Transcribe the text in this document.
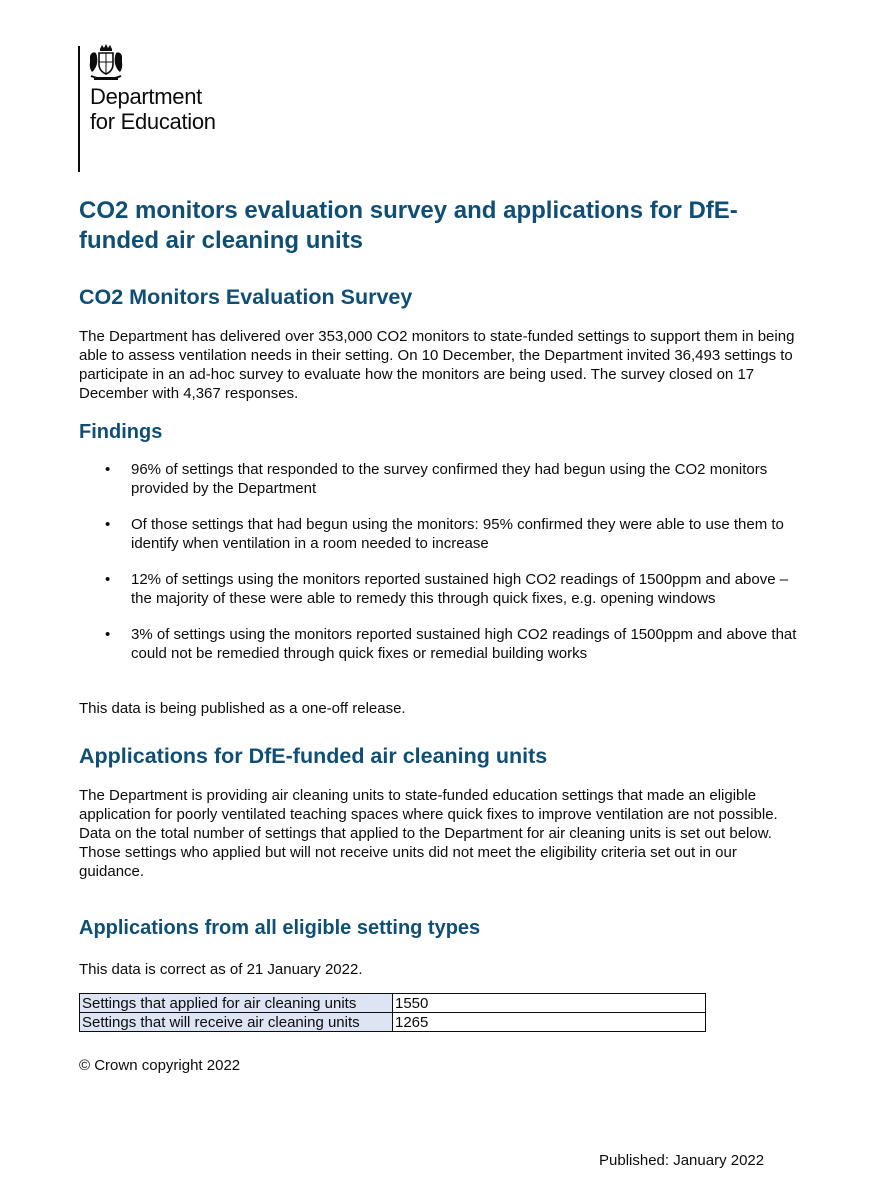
Department
for Education
CO2 monitors evaluation survey and applications for DfE-funded air cleaning units
CO2 Monitors Evaluation Survey

The Department has delivered over 353,000 CO2 monitors to state-funded settings to support them in being able to assess ventilation needs in their setting. On 10 December, the Department invited 36,493 settings to participate in an ad-hoc survey to evaluate how the monitors are being used. The survey closed on 17 December with 4,367 responses.

Findings
• 96% of settings that responded to the survey confirmed they had begun using the CO2 monitors provided by the Department
• Of those settings that had begun using the monitors: 95% confirmed they were able to use them to identify when ventilation in a room needed to increase
• 12% of settings using the monitors reported sustained high CO2 readings of 1500ppm and above – the majority of these were able to remedy this through quick fixes, e.g. opening windows
• 3% of settings using the monitors reported sustained high CO2 readings of 1500ppm and above that could not be remedied through quick fixes or remedial building works

This data is being published as a one-off release.

Applications for DfE-funded air cleaning units

The Department is providing air cleaning units to state-funded education settings that made an eligible application for poorly ventilated teaching spaces where quick fixes to improve ventilation are not possible. Data on the total number of settings that applied to the Department for air cleaning units is set out below. Those settings who applied but will not receive units did not meet the eligibility criteria set out in our guidance.

Applications from all eligible setting types

This data is correct as of 21 January 2022.

Settings that applied for air cleaning units	1550
Settings that will receive air cleaning units	1265

© Crown copyright 2022

Published: January 2022
